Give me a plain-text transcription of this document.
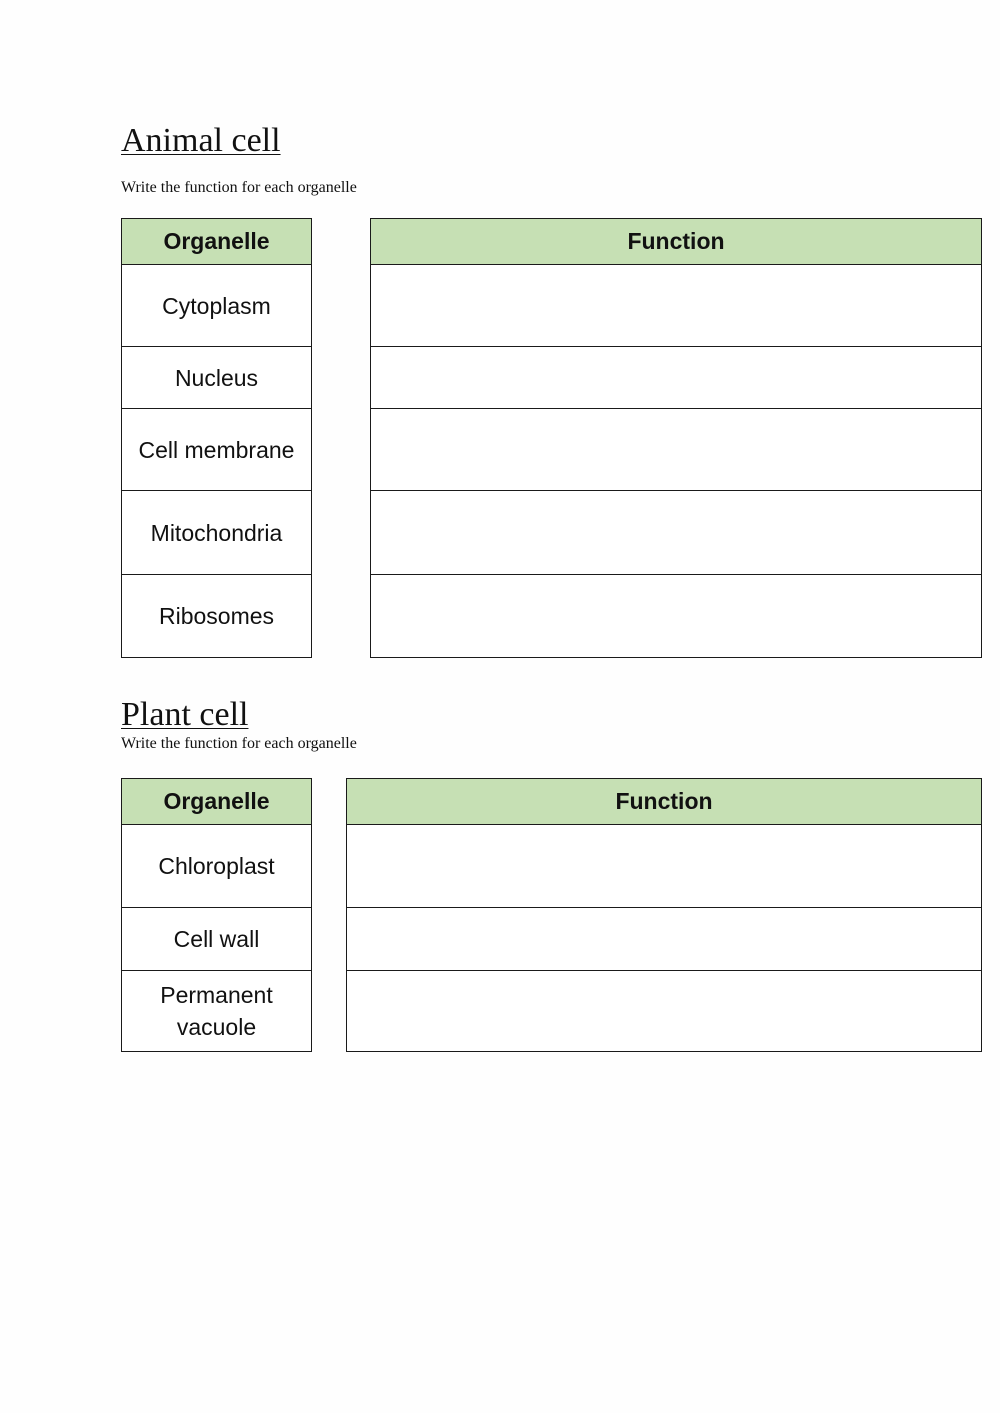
Animal cell

Write the function for each organelle

Organelle
Cytoplasm
Nucleus
Cell membrane
Mitochondria
Ribosomes
Function
Plant cell

Write the function for each organelle

Organelle
Chloroplast
Cell wall
Permanent
vacuole
Function
